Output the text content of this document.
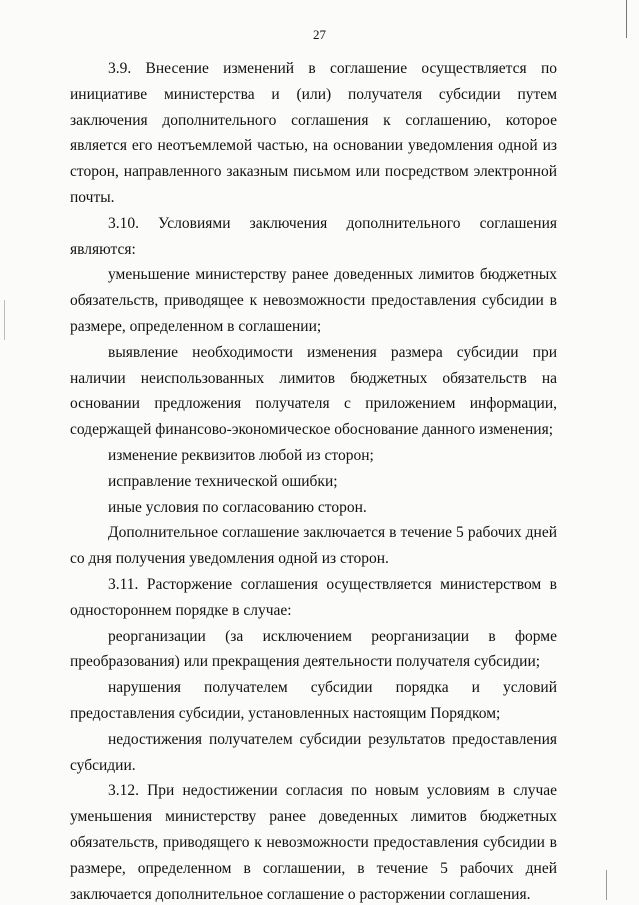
27

3.9. Внесение изменений в соглашение осуществляется по инициативе министерства и (или) получателя субсидии путем заключения дополнительного соглашения к соглашению, которое является его неотъемлемой частью, на основании уведомления одной из сторон, направленного заказным письмом или посредством электронной почты.

3.10. Условиями заключения дополнительного соглашения являются:

уменьшение министерству ранее доведенных лимитов бюджетных обязательств, приводящее к невозможности предоставления субсидии в размере, определенном в соглашении;

выявление необходимости изменения размера субсидии при наличии неиспользованных лимитов бюджетных обязательств на основании предложения получателя с приложением информации, содержащей финансово-экономическое обоснование данного изменения;

изменение реквизитов любой из сторон;

исправление технической ошибки;

иные условия по согласованию сторон.

Дополнительное соглашение заключается в течение 5 рабочих дней со дня получения уведомления одной из сторон.

3.11. Расторжение соглашения осуществляется министерством в одностороннем порядке в случае:

реорганизации (за исключением реорганизации в форме преобразования) или прекращения деятельности получателя субсидии;

нарушения получателем субсидии порядка и условий предоставления субсидии, установленных настоящим Порядком;

недостижения получателем субсидии результатов предоставления субсидии.

3.12. При недостижении согласия по новым условиям в случае уменьшения министерству ранее доведенных лимитов бюджетных обязательств, приводящего к невозможности предоставления субсидии в размере, определенном в соглашении, в течение 5 рабочих дней заключается дополнительное соглашение о расторжении соглашения.
